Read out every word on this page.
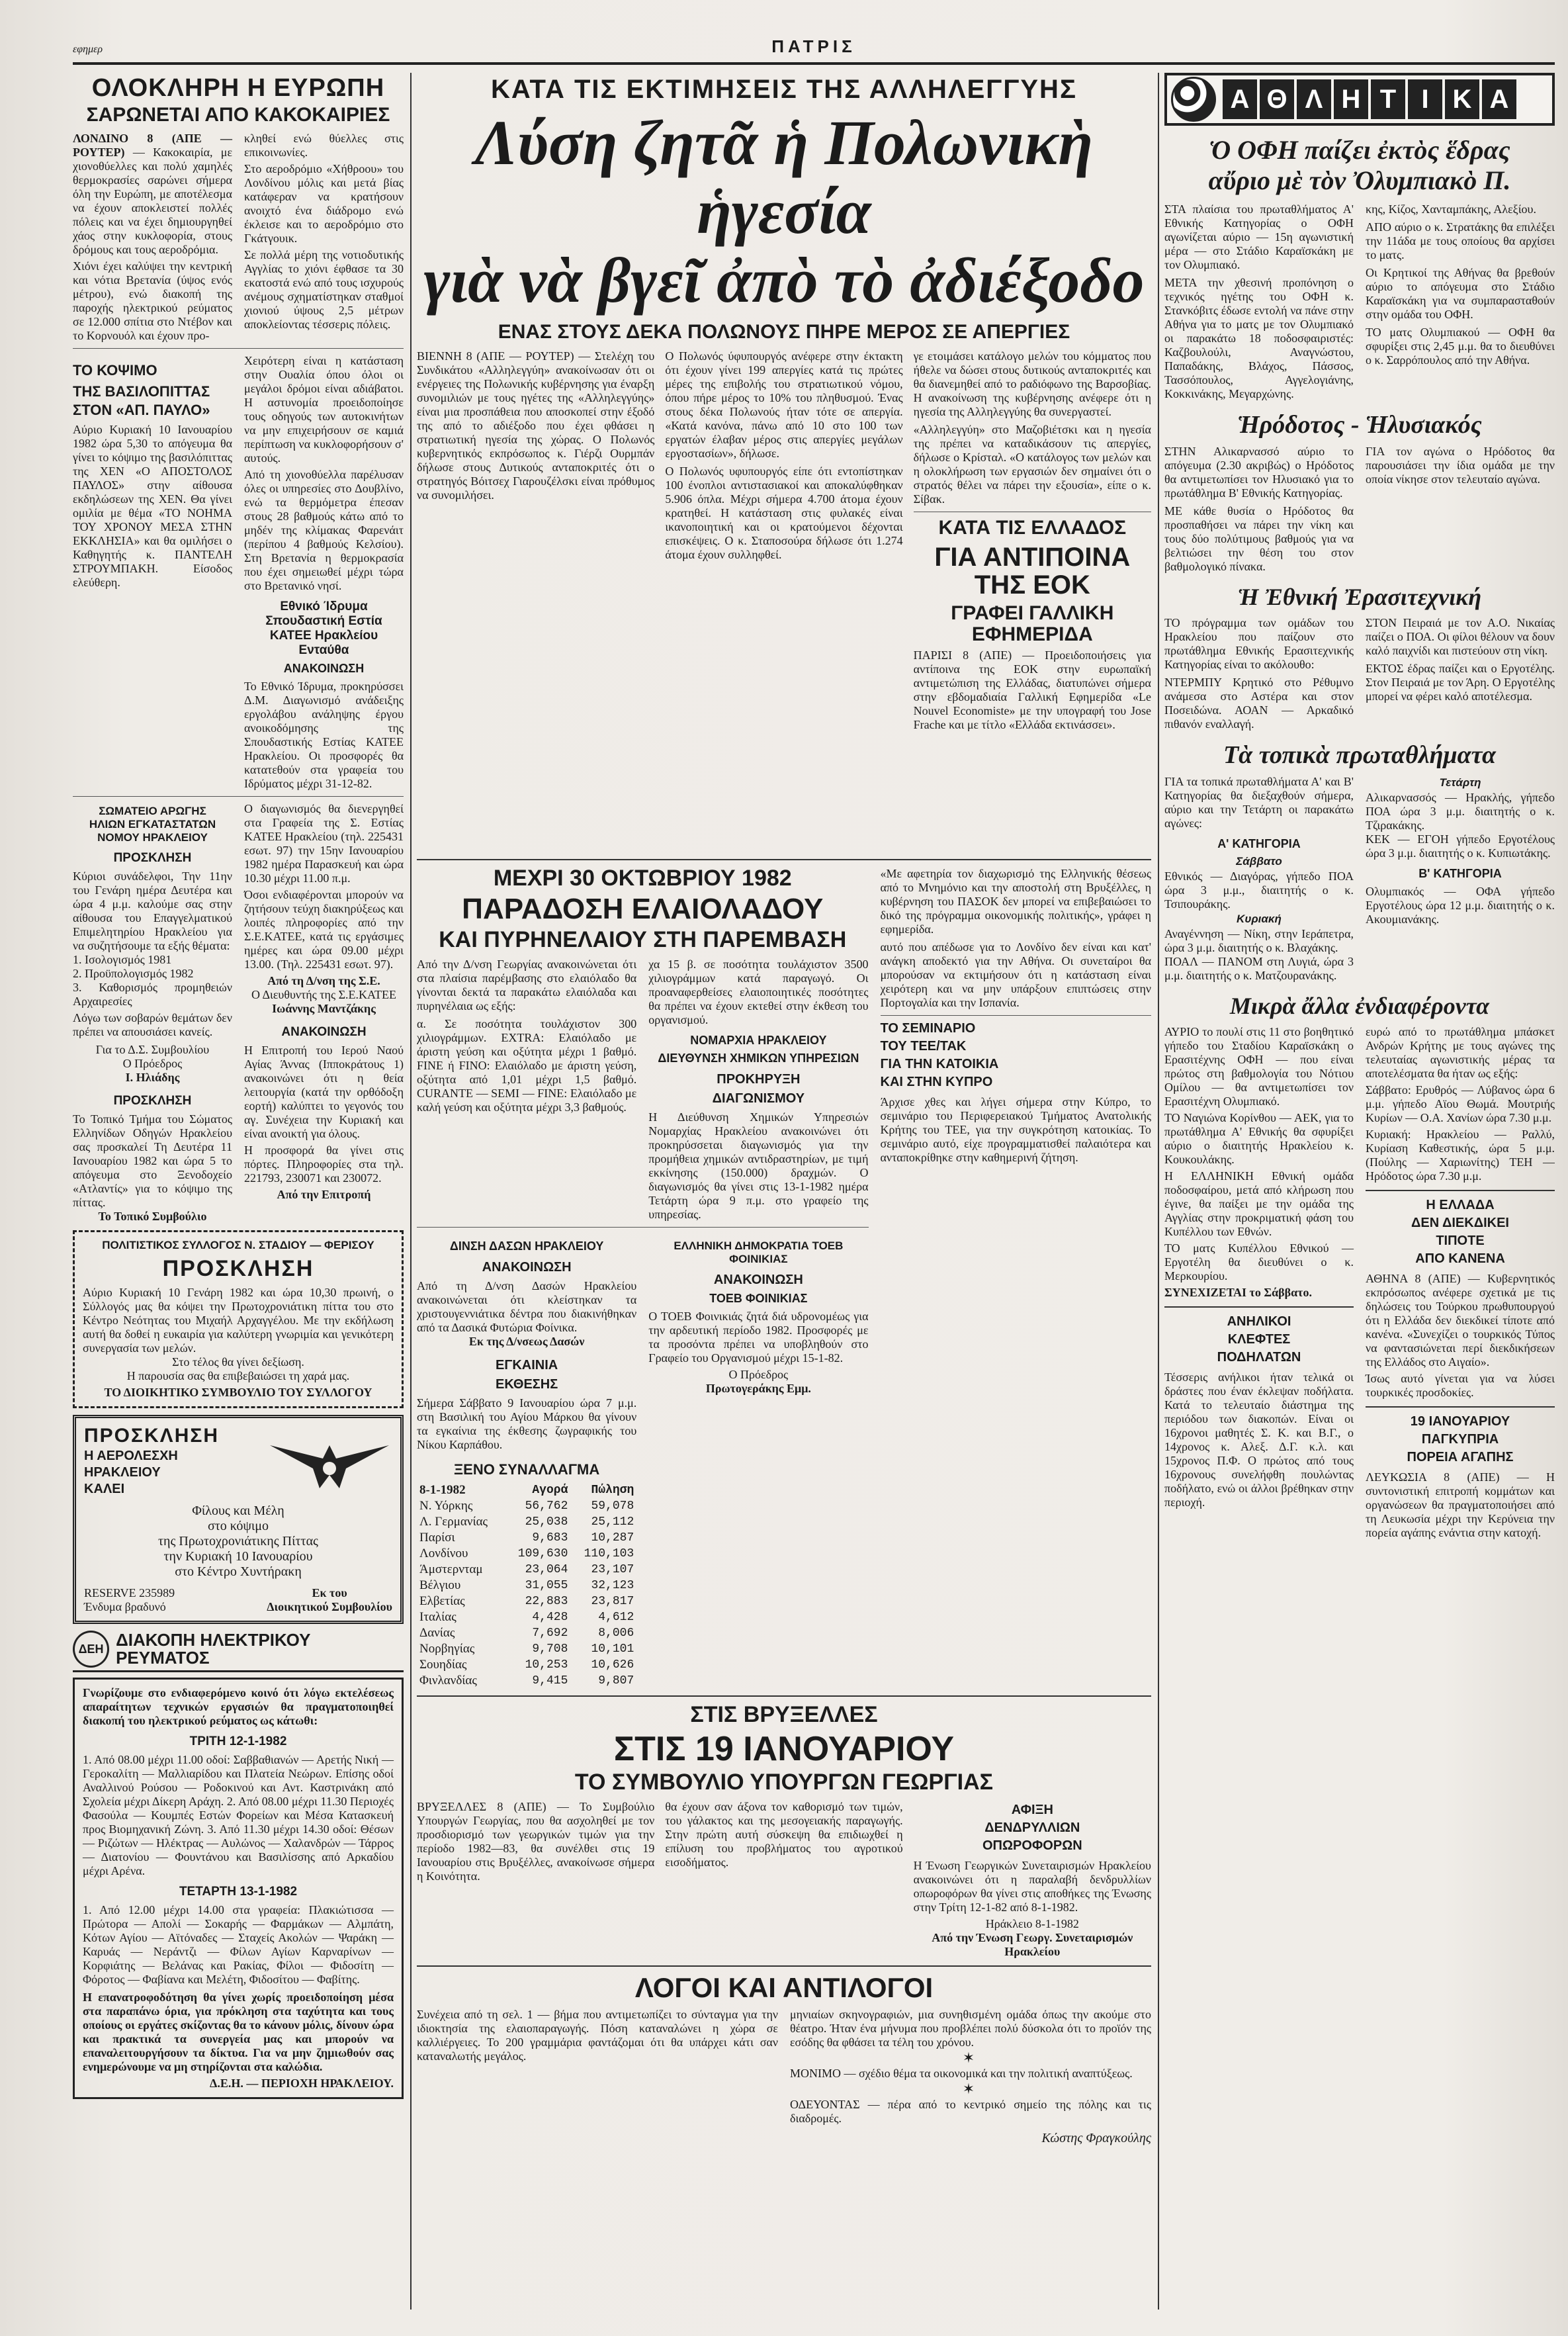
εφημερ	ΠΑΤΡΙΣ
ΟΛΟΚΛΗΡΗ Η ΕΥΡΩΠΗ
ΣΑΡΩΝΕΤΑΙ ΑΠΟ ΚΑΚΟΚΑΙΡΙΕΣ

ΛΟΝΔΙΝΟ 8 (ΑΠΕ — ΡΟΥΤΕΡ) — Κακοκαιρία, με χιονοθύελλες και πολύ χαμηλές θερμοκρασίες σαρώνει σήμερα όλη την Ευρώπη, με αποτέλεσμα να έχουν αποκλειστεί πολλές πόλεις και να έχει δημιουργηθεί χάος στην κυκλοφορία, στους δρόμους και τους αεροδρόμια.

Χιόνι έχει καλύψει την κεντρική και νότια Βρετανία (ύψος ενός μέτρου), ενώ διακοπή της παροχής ηλεκτρικού ρεύματος σε 12.000 σπίτια στο Ντέβον και το Κορνουόλ και έχουν προ-

κληθεί ενώ θύελλες στις επικοινωνίες.

Στο αεροδρόμιο «Χήθροου» του Λονδίνου μόλις και μετά βίας κατάφεραν να κρατήσουν ανοιχτό ένα διάδρομο ενώ έκλεισε και το αεροδρόμιο στο Γκάτγουικ.

Σε πολλά μέρη της νοτιοδυτικής Αγγλίας το χιόνι έφθασε τα 30 εκατοστά ενώ από τους ισχυρούς ανέμους σχηματίστηκαν σταθμοί χιονιού ύψους 2,5 μέτρων αποκλείοντας τέσσερις πόλεις.

ΤΟ ΚΟΨΙΜΟ
ΤΗΣ ΒΑΣΙΛΟΠΙΤΤΑΣ
ΣΤΟΝ «ΑΠ. ΠΑΥΛΟ»

Αύριο Κυριακή 10 Ιανουαρίου 1982 ώρα 5,30 το απόγευμα θα γίνει το κόψιμο της βασιλόπιττας της ΧΕΝ «Ο ΑΠΟΣΤΟΛΟΣ ΠΑΥΛΟΣ» στην αίθουσα εκδηλώσεων της ΧΕΝ. Θα γίνει ομιλία με θέμα «ΤΟ ΝΟΗΜΑ ΤΟΥ ΧΡΟΝΟΥ ΜΕΣΑ ΣΤΗΝ ΕΚΚΛΗΣΙΑ» και θα ομιλήσει ο Καθηγητής κ. ΠΑΝΤΕΛΗ ΣΤΡΟΥΜΠΑΚΗ. Είσοδος ελεύθερη.

Χειρότερη είναι η κατάσταση στην Ουαλία όπου όλοι οι μεγάλοι δρόμοι είναι αδιάβατοι. Η αστυνομία προειδοποίησε τους οδηγούς των αυτοκινήτων να μην επιχειρήσουν σε καμιά περίπτωση να κυκλοφορήσουν σ' αυτούς.

Από τη χιονοθύελλα παρέλυσαν όλες οι υπηρεσίες στο Δουβλίνο, ενώ τα θερμόμετρα έπεσαν στους 28 βαθμούς κάτω από το μηδέν της κλίμακας Φαρενάιτ (περίπου 4 βαθμούς Κελσίου). Στη Βρετανία η θερμοκρασία που έχει σημειωθεί μέχρι τώρα στο Βρετανικό νησί.

Εθνικό Ίδρυμα Σπουδαστική Εστία ΚΑΤΕΕ Ηρακλείου Ενταύθα
ΑΝΑΚΟΙΝΩΣΗ

Το Εθνικό Ίδρυμα, προκηρύσσει Δ.Μ. Διαγωνισμό ανάδειξης εργολάβου ανάληψης έργου ανοικοδόμησης της Σπουδαστικής Εστίας ΚΑΤΕΕ Ηρακλείου. Οι προσφορές θα κατατεθούν στα γραφεία του Ιδρύματος μέχρι 31-12-82.

ΣΩΜΑΤΕΙΟ ΑΡΩΓΗΣ
ΗΛΙΩΝ ΕΓΚΑΤΑΣΤΑΤΩΝ
ΝΟΜΟΥ ΗΡΑΚΛΕΙΟΥ
ΠΡΟΣΚΛΗΣΗ

Κύριοι συνάδελφοι, Την 11ην του Γενάρη ημέρα Δευτέρα και ώρα 4 μ.μ. καλούμε σας στην αίθουσα του Επαγγελματικού Επιμελητηρίου Ηρακλείου για να συζητήσουμε τα εξής θέματα:

1. Ισολογισμός 1981

2. Προϋπολογισμός 1982

3. Καθορισμός προμηθειών Αρχαιρεσίες

Λόγω των σοβαρών θεμάτων δεν πρέπει να απουσιάσει κανείς.

Για το Δ.Σ. Συμβουλίου

Ο Πρόεδρος

Ι. Ηλιάδης

ΠΡΟΣΚΛΗΣΗ

Το Τοπικό Τμήμα του Σώματος Ελληνίδων Οδηγών Ηρακλείου σας προσκαλεί Τη Δευτέρα 11 Ιανουαρίου 1982 και ώρα 5 το απόγευμα στο Ξενοδοχείο «Ατλαντίς» για το κόψιμο της πίττας.

Το Τοπικό Συμβούλιο

Ο διαγωνισμός θα διενεργηθεί στα Γραφεία της Σ. Εστίας ΚΑΤΕΕ Ηρακλείου (τηλ. 225431 εσωτ. 97) την 15ην Ιανουαρίου 1982 ημέρα Παρασκευή και ώρα 10.30 μέχρι 11.00 π.μ.

Όσοι ενδιαφέρονται μπορούν να ζητήσουν τεύχη διακηρύξεως και λοιπές πληροφορίες από την Σ.Ε.ΚΑΤΕΕ, κατά τις εργάσιμες ημέρες και ώρα 09.00 μέχρι 13.00. (Τηλ. 225431 εσωτ. 97).

Από τη Δ/νση της Σ.Ε.

Ο Διευθυντής της Σ.Ε.ΚΑΤΕΕ

Ιωάννης Μαντζάκης

ΑΝΑΚΟΙΝΩΣΗ

Η Επιτροπή του Ιερού Ναού Αγίας Άννας (Ιπποκράτους 1) ανακοινώνει ότι η θεία λειτουργία (κατά την ορθόδοξη εορτή) καλύπτει το γεγονός του αγ. Συνέχεια την Κυριακή και είναι ανοικτή για όλους.

Η προσφορά θα γίνει στις πόρτες. Πληροφορίες στα τηλ. 221793, 230071 και 230072.

Από την Επιτροπή

ΠΟΛΙΤΙΣΤΙΚΟΣ ΣΥΛΛΟΓΟΣ Ν. ΣΤΑΔΙΟΥ — ΦΕΡΙΣΟΥ
ΠΡΟΣΚΛΗΣΗ

Αύριο Κυριακή 10 Γενάρη 1982 και ώρα 10,30 πρωινή, ο Σύλλογός μας θα κόψει την Πρωτοχρονιάτικη πίττα του στο Κέντρο Νεότητας του Μιχαήλ Αρχαγγέλου. Με την εκδήλωση αυτή θα δοθεί η ευκαιρία για καλύτερη γνωριμία και γενικότερη συνεργασία των μελών.

Στο τέλος θα γίνει δεξίωση.

Η παρουσία σας θα επιβεβαιώσει τη χαρά μας.

ΤΟ ΔΙΟΙΚΗΤΙΚΟ ΣΥΜΒΟΥΛΙΟ ΤΟΥ ΣΥΛΛΟΓΟΥ

ΠΡΟΣΚΛΗΣΗ
Η ΑΕΡΟΛΕΣΧΗ
ΗΡΑΚΛΕΙΟΥ
ΚΑΛΕΙ

Φίλους και Μέλη

στο κόψιμο

της Πρωτοχρονιάτικης Πίττας

την Κυριακή 10 Ιανουαρίου

στο Κέντρο Χυντήρακη

RESERVE 235989

Ένδυμα βραδυνό

Εκ του

Διοικητικού Συμβουλίου

ΔΕΗ ΔΙΑΚΟΠΗ ΗΛΕΚΤΡΙΚΟΥ ΡΕΥΜΑΤΟΣ

Γνωρίζουμε στο ενδιαφερόμενο κοινό ότι λόγω εκτελέσεως απαραίτητων τεχνικών εργασιών θα πραγματοποιηθεί διακοπή του ηλεκτρικού ρεύματος ως κάτωθι:

ΤΡΙΤΗ 12-1-1982

1. Από 08.00 μέχρι 11.00 οδοί: Σαββαθιανών — Αρετής Νική — Γεροκαλίτη — Μαλλιαρίδου και Πλατεία Νεώρων. Επίσης οδοί Αναλλινού Ρούσου — Ροδοκινού και Αντ. Καστρινάκη από Σχολεία μέχρι Δίκερη Αράχη. 2. Από 08.00 μέχρι 11.30 Περιοχές Φασούλα — Κουμπές Εστών Φορείων και Μέσα Κατασκευή προς Βιομηχανική Ζώνη. 3. Από 11.30 μέχρι 14.30 οδοί: Θέσων — Ριζώτων — Ηλέκτρας — Αυλώνος — Χαλανδρών — Τάρρος — Διατονίου — Φουντάνου και Βασιλίσσης από Αρκαδίου μέχρι Αρένα.

ΤΕΤΑΡΤΗ 13-1-1982

1. Από 12.00 μέχρι 14.00 στα γραφεία: Πλακιώτισσα — Πρώτορα — Απολί — Σοκαρής — Φαρμάκων — Αλμπάτη, Κότων Αγίου — Αϊτόναδες — Σταχείς Ακολών — Ψαράκη — Καρυάς — Νεράντζι — Φίλων Αγίων Καρναρίνων — Κορφιάτης — Βελάνας και Ρακίας, Φίλοι — Φιδοσίτη — Φόροτος — Φαβίανα και Μελέτη, Φιδοσίτου — Φαβίτης.

Η επανατροφοδότηση θα γίνει χωρίς προειδοποίηση μέσα στα παραπάνω όρια, για πρόκληση στα ταχύτητα και τους οποίους οι εργάτες σκίζοντας θα το κάνουν μόλις, δίνουν ώρα και πρακτικά τα συνεργεία μας και μπορούν να επαναλειτουργήσουν τα δίκτυα. Για να μην ζημιωθούν σας ενημερώνουμε να μη στηρίζονται στα καλώδια.

Δ.Ε.Η. — ΠΕΡΙΟΧΗ ΗΡΑΚΛΕΙΟΥ.

ΚΑΤΑ ΤΙΣ ΕΚΤΙΜΗΣΕΙΣ ΤΗΣ ΑΛΛΗΛΕΓΓΥΗΣ
Λύση ζητᾶ ἡ Πολωνικὴ ἡγεσία
γιὰ νὰ βγεῖ ἀπὸ τὸ ἀδιέξοδο
ΕΝΑΣ ΣΤΟΥΣ ΔΕΚΑ ΠΟΛΩΝΟΥΣ ΠΗΡΕ ΜΕΡΟΣ ΣΕ ΑΠΕΡΓΙΕΣ

ΒΙΕΝΝΗ 8 (ΑΠΕ — ΡΟΥΤΕΡ) — Στελέχη του Συνδικάτου «Αλληλεγγύη» ανακοίνωσαν ότι οι ενέργειες της Πολωνικής κυβέρνησης για έναρξη συνομιλιών με τους ηγέτες της «Αλληλεγγύης» είναι μια προσπάθεια που αποσκοπεί στην έξοδό της από το αδιέξοδο που έχει φθάσει η στρατιωτική ηγεσία της χώρας. Ο Πολωνός κυβερνητικός εκπρόσωπος κ. Γιέρζι Ουρμπάν δήλωσε στους Δυτικούς ανταποκριτές ότι ο στρατηγός Βόιτσεχ Γιαρουζέλσκι είναι πρόθυμος να συνομιλήσει.

Ο Πολωνός ύφυπουργός ανέφερε στην έκτακτη ότι έχουν γίνει 199 απεργίες κατά τις πρώτες μέρες της επιβολής του στρατιωτικού νόμου, όπου πήρε μέρος το 10% του πληθυσμού. Ένας στους δέκα Πολωνούς ήταν τότε σε απεργία. «Κατά κανόνα, πάνω από 10 στο 100 των εργατών έλαβαν μέρος στις απεργίες μεγάλων εργοστασίων», δήλωσε.

Ο Πολωνός υφυπουργός είπε ότι εντοπίστηκαν 100 ένοπλοι αντιστασιακοί και αποκαλύφθηκαν 5.906 όπλα. Μέχρι σήμερα 4.700 άτομα έχουν κρατηθεί. Η κατάσταση στις φυλακές είναι ικανοποιητική και οι κρατούμενοι δέχονται επισκέψεις. Ο κ. Σταποσούρα δήλωσε ότι 1.274 άτομα έχουν συλληφθεί.

γε ετοιμάσει κατάλογο μελών του κόμματος που ήθελε να δώσει στους δυτικούς ανταποκριτές και θα διανεμηθεί από το ραδιόφωνο της Βαρσοβίας. Η ανακοίνωση της κυβέρνησης ανέφερε ότι η ηγεσία της Αλληλεγγύης θα συνεργαστεί.

«Αλληλεγγύη» στο Μαζοβιέτσκι και η ηγεσία της πρέπει να καταδικάσουν τις απεργίες, δήλωσε ο Κρίσταλ. «Ο κατάλογος των μελών και η ολοκλήρωση των εργασιών δεν σημαίνει ότι ο στρατός θέλει να πάρει την εξουσία», είπε ο κ. Σίβακ.

ΚΑΤΑ ΤΙΣ ΕΛΛΑΔΟΣ
ΓΙΑ ΑΝΤΙΠΟΙΝΑ ΤΗΣ ΕΟΚ
ΓΡΑΦΕΙ ΓΑΛΛΙΚΗ ΕΦΗΜΕΡΙΔΑ

ΠΑΡΙΣΙ 8 (ΑΠΕ) — Προειδοποιήσεις για αντίποινα της ΕΟΚ στην ευρωπαϊκή αντιμετώπιση της Ελλάδας, διατυπώνει σήμερα στην εβδομαδιαία Γαλλική Εφημερίδα «Le Nouvel Economiste» με την υπογραφή του Jose Frache και με τίτλο «Ελλάδα εκτινάσσει».

ΜΕΧΡΙ 30 ΟΚΤΩΒΡΙΟΥ 1982
ΠΑΡΑΔΟΣΗ ΕΛΑΙΟΛΑΔΟΥ
ΚΑΙ ΠΥΡΗΝΕΛΑΙΟΥ ΣΤΗ ΠΑΡΕΜΒΑΣΗ

Από την Δ/νση Γεωργίας ανακοινώνεται ότι στα πλαίσια παρέμβασης στο ελαιόλαδο θα γίνονται δεκτά τα παρακάτω ελαιόλαδα και πυρηνέλαια ως εξής:

α. Σε ποσότητα τουλάχιστον 300 χιλιογράμμων. EXTRA: Ελαιόλαδο με άριστη γεύση και οξύτητα μέχρι 1 βαθμό. FINE ή FINO: Ελαιόλαδο με άριστη γεύση, οξύτητα από 1,01 μέχρι 1,5 βαθμό. CURANTE — SEMI — FINE: Ελαιόλαδο με καλή γεύση και οξύτητα μέχρι 3,3 βαθμούς.

χα 15 β. σε ποσότητα τουλάχιστον 3500 χιλιογράμμων κατά παραγωγό. Οι προαναφερθείσες ελαιοποιητικές ποσότητες θα πρέπει να έχουν εκτεθεί στην έκθεση του οργανισμού.

ΝΟΜΑΡΧΙΑ ΗΡΑΚΛΕΙΟΥ
ΔΙΕΥΘΥΝΣΗ ΧΗΜΙΚΩΝ ΥΠΗΡΕΣΙΩΝ
ΠΡΟΚΗΡΥΞΗ
ΔΙΑΓΩΝΙΣΜΟΥ

Η Διεύθυνση Χημικών Υπηρεσιών Νομαρχίας Ηρακλείου ανακοινώνει ότι προκηρύσσεται διαγωνισμός για την προμήθεια χημικών αντιδραστηρίων, με τιμή εκκίνησης (150.000) δραχμών. Ο διαγωνισμός θα γίνει στις 13-1-1982 ημέρα Τετάρτη ώρα 9 π.μ. στο γραφείο της υπηρεσίας.

ΔΙΝΣΗ ΔΑΣΩΝ ΗΡΑΚΛΕΙΟΥ
ΑΝΑΚΟΙΝΩΣΗ

Από τη Δ/νση Δασών Ηρακλείου ανακοινώνεται ότι κλείστηκαν τα χριστουγεννιάτικα δέντρα που διακινήθηκαν από τα Δασικά Φυτώρια Φοίνικα.

Εκ της Δ/νσεως Δασών

ΕΓΚΑΙΝΙΑ
ΕΚΘΕΣΗΣ

Σήμερα Σάββατο 9 Ιανουαρίου ώρα 7 μ.μ. στη Βασιλική του Αγίου Μάρκου θα γίνουν τα εγκαίνια της έκθεσης ζωγραφικής του Νίκου Καρπάθου.

ΞΕΝΟ ΣΥΝΑΛΛΑΓΜΑ
8-1-1982	Αγορά	Πώληση
Ν. Υόρκης	56,762	59,078
Λ. Γερμανίας	25,038	25,112
Παρίσι	9,683	10,287
Λονδίνου	109,630	110,103
Άμστερνταμ	23,064	23,107
Βέλγιου	31,055	32,123
Ελβετίας	22,883	23,817
Ιταλίας	4,428	4,612
Δανίας	7,692	8,006
Νορβηγίας	9,708	10,101
Σουηδίας	10,253	10,626
Φινλανδίας	9,415	9,807
ΕΛΛΗΝΙΚΗ ΔΗΜΟΚΡΑΤΙΑ ΤΟΕΒ ΦΟΙΝΙΚΙΑΣ
ΑΝΑΚΟΙΝΩΣΗ
ΤΟΕΒ ΦΟΙΝΙΚΙΑΣ

Ο ΤΟΕΒ Φοινικιάς ζητά διά υδρονομέως για την αρδευτική περίοδο 1982. Προσφορές με τα προσόντα πρέπει να υποβληθούν στο Γραφείο του Οργανισμού μέχρι 15-1-82.

Ο Πρόεδρος

Πρωτογεράκης Εμμ.

«Με αφετηρία τον διαχωρισμό της Ελληνικής θέσεως από το Μνημόνιο και την αποστολή στη Βρυξέλλες, η κυβέρνηση του ΠΑΣΟΚ δεν μπορεί να επιβεβαιώσει το δικό της πρόγραμμα οικονομικής πολιτικής», γράφει η εφημερίδα.

αυτό που απέδωσε για το Λονδίνο δεν είναι και κατ' ανάγκη αποδεκτό για την Αθήνα. Οι συνεταίροι θα μπορούσαν να εκτιμήσουν ότι η κατάσταση είναι χειρότερη και να μην υπάρξουν επιπτώσεις στην Πορτογαλία και την Ισπανία.

ΤΟ ΣΕΜΙΝΑΡΙΟ
ΤΟΥ ΤΕΕ/ΤΑΚ
ΓΙΑ ΤΗΝ ΚΑΤΟΙΚΙΑ
ΚΑΙ ΣΤΗΝ ΚΥΠΡΟ

Άρχισε χθες και λήγει σήμερα στην Κύπρο, το σεμινάριο του Περιφερειακού Τμήματος Ανατολικής Κρήτης του ΤΕΕ, για την συγκρότηση κατοικίας. Το σεμινάριο αυτό, είχε προγραμματισθεί παλαιότερα και ανταποκρίθηκε στην καθημερινή ζήτηση.

ΣΤΙΣ ΒΡΥΞΕΛΛΕΣ
ΣΤΙΣ 19 ΙΑΝΟΥΑΡΙΟΥ
ΤΟ ΣΥΜΒΟΥΛΙΟ ΥΠΟΥΡΓΩΝ ΓΕΩΡΓΙΑΣ

ΒΡΥΞΕΛΛΕΣ 8 (ΑΠΕ) — Το Συμβούλιο Υπουργών Γεωργίας, που θα ασχοληθεί με τον προσδιορισμό των γεωργικών τιμών για την περίοδο 1982—83, θα συνέλθει στις 19 Ιανουαρίου στις Βρυξέλλες, ανακοίνωσε σήμερα η Κοινότητα.

θα έχουν σαν άξονα τον καθορισμό των τιμών, του γάλακτος και της μεσογειακής παραγωγής. Στην πρώτη αυτή σύσκεψη θα επιδιωχθεί η επίλυση του προβλήματος του αγροτικού εισοδήματος.

ΑΦΙΞΗ
ΔΕΝΔΡΥΛΛΙΩΝ
ΟΠΩΡΟΦΟΡΩΝ

Η Ένωση Γεωργικών Συνεταιρισμών Ηρακλείου ανακοινώνει ότι η παραλαβή δενδρυλλίων οπωροφόρων θα γίνει στις αποθήκες της Ένωσης στην Τρίτη 12-1-82 από 8-1-1982.

Ηράκλειο 8-1-1982

Από την Ένωση Γεωργ. Συνεταιρισμών Ηρακλείου

ΛΟΓΟΙ ΚΑΙ ΑΝΤΙΛΟΓΟΙ

Συνέχεια από τη σελ. 1 — βήμα που αντιμετωπίζει το σύνταγμα για την ιδιοκτησία της ελαιοπαραγωγής. Πόση καταναλώνει η χώρα σε καλλιέργειες. Το 200 γραμμάρια φαντάζομαι ότι θα υπάρχει κάτι σαν καταναλωτής μεγάλος.

μηνιαίων σκηνογραφιών, μια συνηθισμένη ομάδα όπως την ακούμε στο θέατρο. Ήταν ένα μήνυμα που προβλέπει πολύ δύσκολα ότι το προϊόν της εσόδης θα φθάσει τα τέλη του χρόνου.

✶

ΜΟΝΙΜΟ — σχέδιο θέμα τα οικονομικά και την πολιτική αναπτύξεως.

✶

ΟΔΕΥΟΝΤΑΣ — πέρα από το κεντρικό σημείο της πόλης και τις διαδρομές.

Κώστης Φραγκούλης
Α Θ Λ Η Τ Ι Κ Α
Ὁ ΟΦΗ παίζει ἐκτὸς ἕδρας
αὔριο μὲ τὸν Ὀλυμπιακὸ Π.

ΣΤΑ πλαίσια του πρωταθλήματος Α' Εθνικής Κατηγορίας ο ΟΦΗ αγωνίζεται αύριο — 15η αγωνιστική μέρα — στο Στάδιο Καραϊσκάκη με τον Ολυμπιακό.

ΜΕΤΑ την χθεσινή προπόνηση ο τεχνικός ηγέτης του ΟΦΗ κ. Στανκόβιτς έδωσε εντολή να πάνε στην Αθήνα για το ματς με τον Ολυμπιακό οι παρακάτω 18 ποδοσφαιριστές: Καζβουλούλι, Αναγνώστου, Παπαδάκης, Βλάχος, Πάσσος, Τασσόπουλος, Αγγελογιάνης, Κοκκινάκης, Μεγαρχώνης.

κης, Κίζος, Χανταμπάκης, Αλεξίου.

ΑΠΟ αύριο ο κ. Στρατάκης θα επιλέξει την 11άδα με τους οποίους θα αρχίσει το ματς.

Οι Κρητικοί της Αθήνας θα βρεθούν αύριο το απόγευμα στο Στάδιο Καραϊσκάκη για να συμπαρασταθούν στην ομάδα του ΟΦΗ.

ΤΟ ματς Ολυμπιακού — ΟΦΗ θα σφυρίξει στις 2,45 μ.μ. θα το διευθύνει ο κ. Σαρρόπουλος από την Αθήνα.

Ἡρόδοτος - Ἡλυσιακός

ΣΤΗΝ Αλικαρνασσό αύριο το απόγευμα (2.30 ακριβώς) ο Ηρόδοτος θα αντιμετωπίσει τον Ηλυσιακό για το πρωτάθλημα Β' Εθνικής Κατηγορίας.

ΜΕ κάθε θυσία ο Ηρόδοτος θα προσπαθήσει να πάρει την νίκη και τους δύο πολύτιμους βαθμούς για να βελτιώσει την θέση του στον βαθμολογικό πίνακα.

ΓΙΑ τον αγώνα ο Ηρόδοτος θα παρουσιάσει την ίδια ομάδα με την οποία νίκησε στον τελευταίο αγώνα.

Ἡ Ἐθνική Ἐρασιτεχνική

ΤΟ πρόγραμμα των ομάδων του Ηρακλείου που παίζουν στο πρωτάθλημα Εθνικής Ερασιτεχνικής Κατηγορίας είναι το ακόλουθο:

ΝΤΕΡΜΠΥ Κρητικό στο Ρέθυμνο ανάμεσα στο Αστέρα και στον Ποσειδώνα. ΑΟΑΝ — Αρκαδικό πιθανόν εναλλαγή.

ΣΤΟΝ Πειραιά με τον Α.Ο. Νικαίας παίζει ο ΠΟΑ. Οι φίλοι θέλουν να δουν καλό παιχνίδι και πιστεύουν στη νίκη.

ΕΚΤΟΣ έδρας παίζει και ο Εργοτέλης. Στον Πειραιά με τον Άρη. Ο Εργοτέλης μπορεί να φέρει καλό αποτέλεσμα.

Τὰ τοπικὰ πρωταθλήματα

ΓΙΑ τα τοπικά πρωταθλήματα Α' και Β' Κατηγορίας θα διεξαχθούν σήμερα, αύριο και την Τετάρτη οι παρακάτω αγώνες:

Α' ΚΑΤΗΓΟΡΙΑ
Σάββατο

Εθνικός — Διαγόρας, γήπεδο ΠΟΑ ώρα 3 μ.μ., διαιτητής ο κ. Τσιπουράκης.

Κυριακή

Αναγέννηση — Νίκη, στην Ιεράπετρα, ώρα 3 μ.μ. διαιτητής ο κ. Βλαχάκης.

ΠΟΑΛ — ΠΑΝΟΜ στη Λυγιά, ώρα 3 μ.μ. διαιτητής ο κ. Ματζουρανάκης.

Τετάρτη

Αλικαρνασσός — Ηρακλής, γήπεδο ΠΟΑ ώρα 3 μ.μ. διαιτητής ο κ. Τζιρακάκης.

ΚΕΚ — ΕΓΟΗ γήπεδο Εργοτέλους ώρα 3 μ.μ. διαιτητής ο κ. Κυπιωτάκης.

Β' ΚΑΤΗΓΟΡΙΑ

Ολυμπιακός — ΟΦΑ γήπεδο Εργοτέλους ώρα 12 μ.μ. διαιτητής ο κ. Ακουμιανάκης.

Μικρὰ ἄλλα ἐνδιαφέροντα

ΑΥΡΙΟ το πουλί στις 11 στο βοηθητικό γήπεδο του Σταδίου Καραϊσκάκη ο Ερασιτέχνης ΟΦΗ — που είναι πρώτος στη βαθμολογία του Νότιου Ομίλου — θα αντιμετωπίσει τον Ερασιτέχνη Ολυμπιακό.

ΤΟ Ναγιώνα Κορίνθου — ΑΕΚ, για το πρωτάθλημα Α' Εθνικής θα σφυρίξει αύριο ο διαιτητής Ηρακλείου κ. Κουκουλάκης.

Η ΕΛΛΗΝΙΚΗ Εθνική ομάδα ποδοσφαίρου, μετά από κλήρωση που έγινε, θα παίξει με την ομάδα της Αγγλίας στην προκριματική φάση του Κυπέλλου των Εθνών.

ΤΟ ματς Κυπέλλου Εθνικού — Εργοτέλη θα διευθύνει ο κ. Μερκουρίου.

ΣΥΝΕΧΙΖΕΤΑΙ το Σάββατο.

ΑΝΗΛΙΚΟΙ
ΚΛΕΦΤΕΣ
ΠΟΔΗΛΑΤΩΝ

Τέσσερις ανήλικοι ήταν τελικά οι δράστες που έναν έκλεψαν ποδήλατα. Κατά το τελευταίο διάστημα της περιόδου των διακοπών. Είναι οι 16χρονοι μαθητές Σ. Κ. και Β.Γ., ο 14χρονος κ. Αλεξ. Δ.Γ. κ.λ. και 15χρονος Π.Φ. Ο πρώτος από τους 16χρονους συνελήφθη πουλώντας ποδήλατο, ενώ οι άλλοι βρέθηκαν στην περιοχή.

ευρώ από το πρωτάθλημα μπάσκετ Ανδρών Κρήτης με τους αγώνες της τελευταίας αγωνιστικής μέρας τα αποτελέσματα θα ήταν ως εξής:

Σάββατο: Ερυθρός — Λύβανος ώρα 6 μ.μ. γήπεδο Αϊου Θωμά. Μουτριής Κυρίων — Ο.Α. Χανίων ώρα 7.30 μ.μ.

Κυριακή: Ηρακλείου — Ραλλύ, Κυρίαση Καθεστικής, ώρα 5 μ.μ. (Πούλης — Χαριωνίτης) ΤΕΗ — Ηρόδοτος ώρα 7.30 μ.μ.

Η ΕΛΛΑΔΑ
ΔΕΝ ΔΙΕΚΔΙΚΕΙ
ΤΙΠΟΤΕ
ΑΠΟ ΚΑΝΕΝΑ

ΑΘΗΝΑ 8 (ΑΠΕ) — Κυβερνητικός εκπρόσωπος ανέφερε σχετικά με τις δηλώσεις του Τούρκου πρωθυπουργού ότι η Ελλάδα δεν διεκδικεί τίποτε από κανένα. «Συνεχίζει ο τουρκικός Τύπος να φαντασιώνεται περί διεκδικήσεων της Ελλάδος στο Αιγαίο».

Ίσως αυτό γίνεται για να λύσει τουρκικές προσδοκίες.

19 ΙΑΝΟΥΑΡΙΟΥ
ΠΑΓΚΥΠΡΙΑ
ΠΟΡΕΙΑ ΑΓΑΠΗΣ

ΛΕΥΚΩΣΙΑ 8 (ΑΠΕ) — Η συντονιστική επιτροπή κομμάτων και οργανώσεων θα πραγματοποιήσει από τη Λευκωσία μέχρι την Κερύνεια την πορεία αγάπης ενάντια στην κατοχή.
